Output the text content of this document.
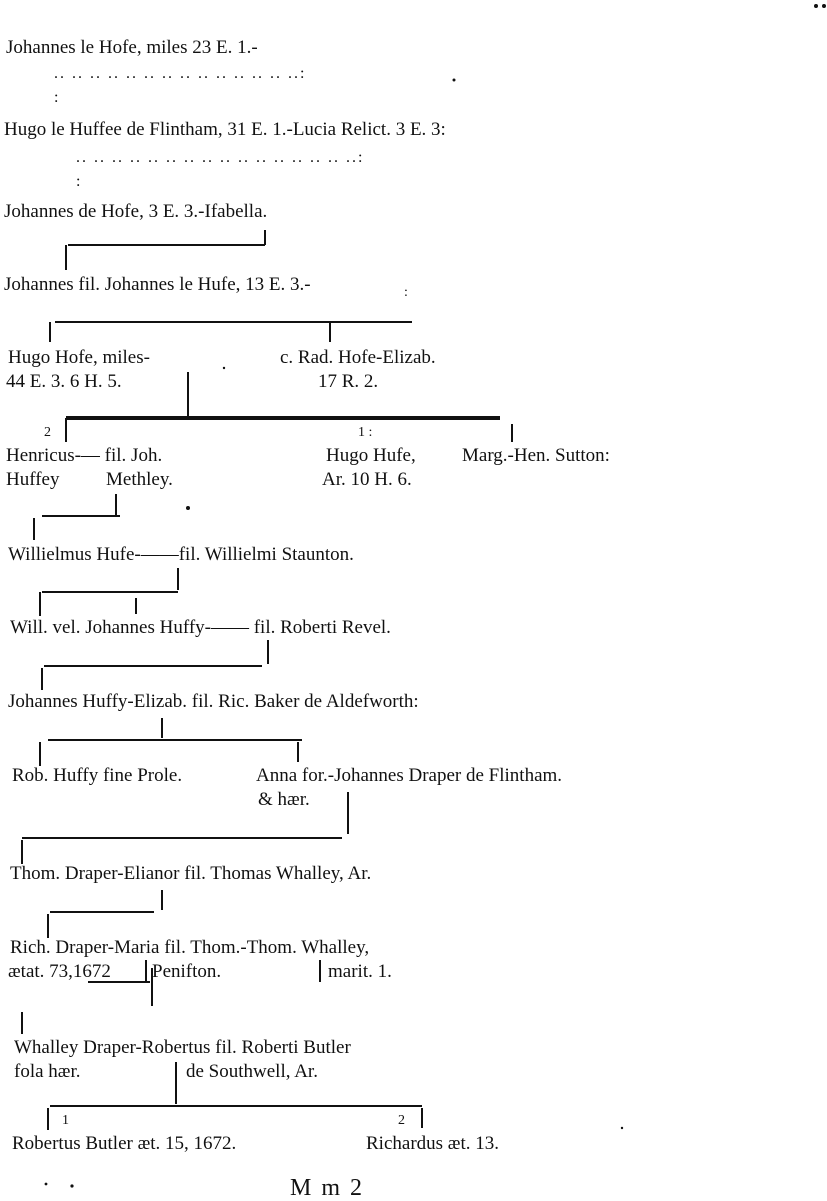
Johannes le Hofe, miles 23 E. 1.-
.. .. .. .. .. .. .. .. .. .. .. .. .. ..:
:
Hugo le Huffee de Flintham, 31 E. 1.-Lucia Relict. 3 E. 3:
.. .. .. .. .. .. .. .. .. .. .. .. .. .. .. ..:
:
Johannes de Hofe, 3 E. 3.-Ifabella.
Johannes fil. Johannes le Hufe, 13 E. 3.-	:
Hugo Hofe, miles-
44 E. 3. 6 H. 5.
c. Rad. Hofe-Elizab.
17 R. 2.
2	1 :
Henricus-— fil. Joh.
Huffey Methley.
Hugo Hufe,
Ar. 10 H. 6.
Marg.-Hen. Sutton:
Willielmus Hufe-——fil. Willielmi Staunton.
Will. vel. Johannes Huffy-—— fil. Roberti Revel.
Johannes Huffy-Elizab. fil. Ric. Baker de Aldefworth:
Rob. Huffy fine Prole.	Anna for.-Johannes Draper de Flintham.
& hær.
Thom. Draper-Elianor fil. Thomas Whalley, Ar.
Rich. Draper-Maria fil. Thom.-Thom. Whalley,
ætat. 73,1672 Penifton.	marit. 1.
Whalley Draper-Robertus fil. Roberti Butler
fola hær.	de Southwell, Ar.
1	2
Robertus Butler æt. 15, 1672.	Richardus æt. 13.
M m 2
